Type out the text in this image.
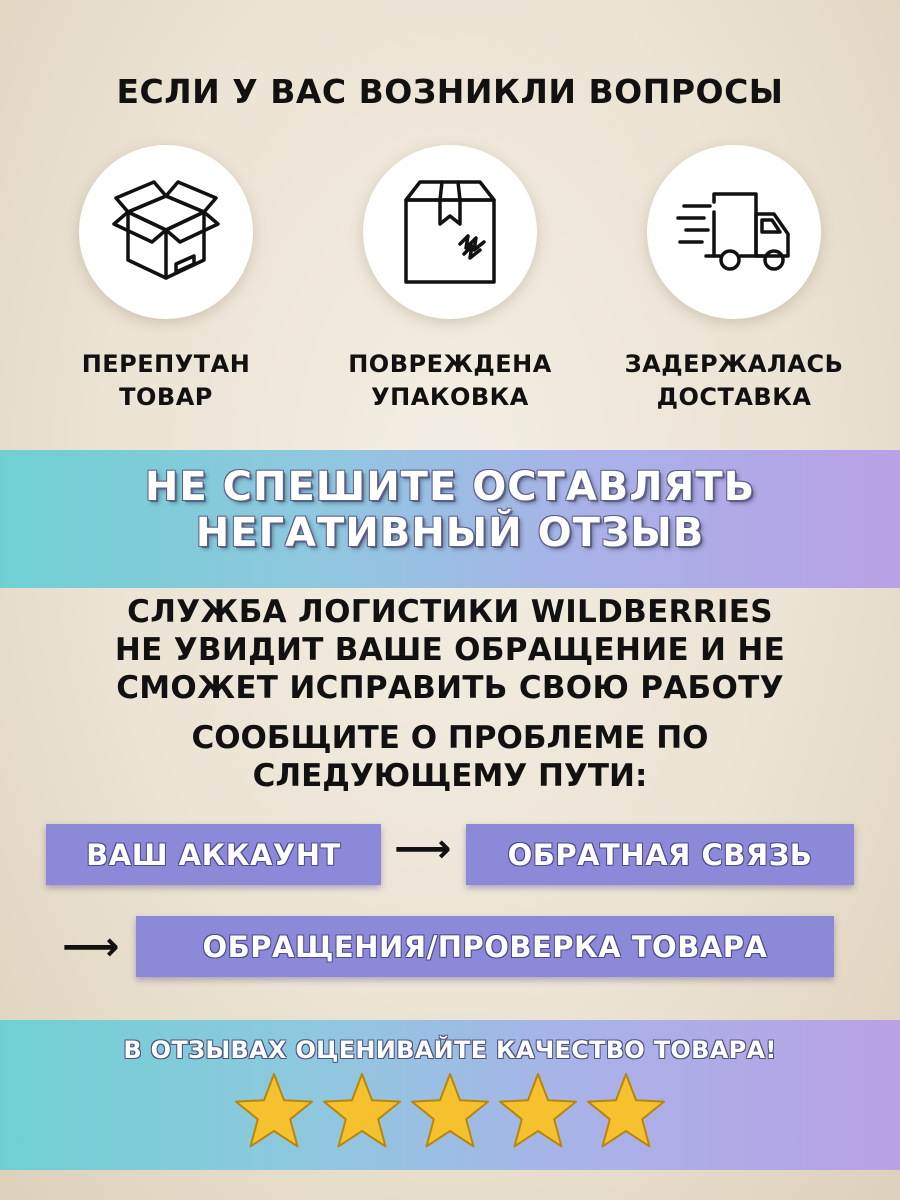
ЕСЛИ У ВАС ВОЗНИКЛИ ВОПРОСЫ
ПЕРЕПУТАН
ТОВАР
ПОВРЕЖДЕНА
УПАКОВКА
ЗАДЕРЖАЛАСЬ
ДОСТАВКА
НЕ СПЕШИТЕ ОСТАВЛЯТЬ
НЕГАТИВНЫЙ ОТЗЫВ
СЛУЖБА ЛОГИСТИКИ WILDBERRIES
НЕ УВИДИТ ВАШЕ ОБРАЩЕНИЕ И НЕ
СМОЖЕТ ИСПРАВИТЬ СВОЮ РАБОТУ
СООБЩИТЕ О ПРОБЛЕМЕ ПО
СЛЕДУЮЩЕМУ ПУТИ:
ВАШ АККАУНТ	⟶	ОБРАТНАЯ СВЯЗЬ
⟶	ОБРАЩЕНИЯ/ПРОВЕРКА ТОВАРА
В ОТЗЫВАХ ОЦЕНИВАЙТЕ КАЧЕСТВО ТОВАРА!
